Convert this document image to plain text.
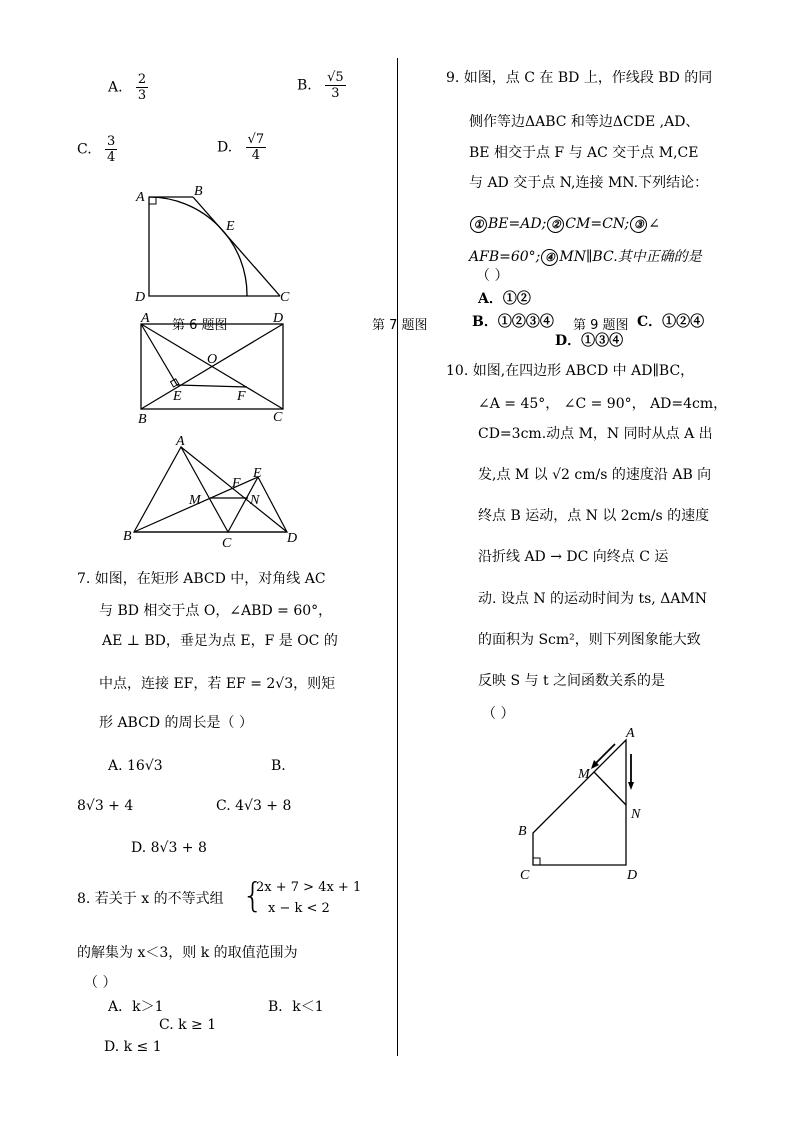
A. $\frac{2}{3}$	B. $\frac{√5}{3}$
C. $\frac{3}{4}$	D. $\frac{√7}{4}$
A	B
E
D	C
第 6 题图
A	D
O
E	F
B	C
第 7 题图
A
E
F
M	N
B	C	D
7. 如图，在矩形 ABCD 中，对角线 AC
与 BD 相交于点 O，∠ABD = 60°，
AE ⊥ BD，垂足为点 E，F 是 OC 的
中点，连接 EF，若 EF = 2√3，则矩
形 ABCD 的周长是（ ）
A. 16√3	B.
8√3 + 4	C. 4√3 + 8
D. 8√3 + 8
8. 若关于 x 的不等式组 {
2x + 7 > 4x + 1
x − k < 2
的解集为 x＜3，则 k 的取值范围为
（ ）
A．k＞1	B．k＜1
C. k ≥ 1
D. k ≤ 1
9. 如图，点 C 在 BD 上，作线段 BD 的同
侧作等边ΔABC 和等边ΔCDE ,AD、
BE 相交于点 F 与 AC 交于点 M,CE
与 AD 交于点 N,连接 MN.下列结论：
① BE=AD; ② CM=CN; ③ ∠
AFB=60°; ④ MN∥BC.其中正确的是
（ ）
A．①②
B．①②③④ 第 9 题图 C．①②④
D．①③④
10. 如图,在四边形 ABCD 中 AD∥BC，
∠A = 45°， ∠C = 90°， AD=4cm，
CD=3cm.动点 M，N 同时从点 A 出
发,点 M 以 √2 cm/s 的速度沿 AB 向
终点 B 运动，点 N 以 2cm/s 的速度
沿折线 AD → DC 向终点 C 运
动. 设点 N 的运动时间为 ts, ΔAMN
的面积为 Scm²，则下列图象能大致
反映 S 与 t 之间函数关系的是
（ ）
A
M
N
B
C	D
